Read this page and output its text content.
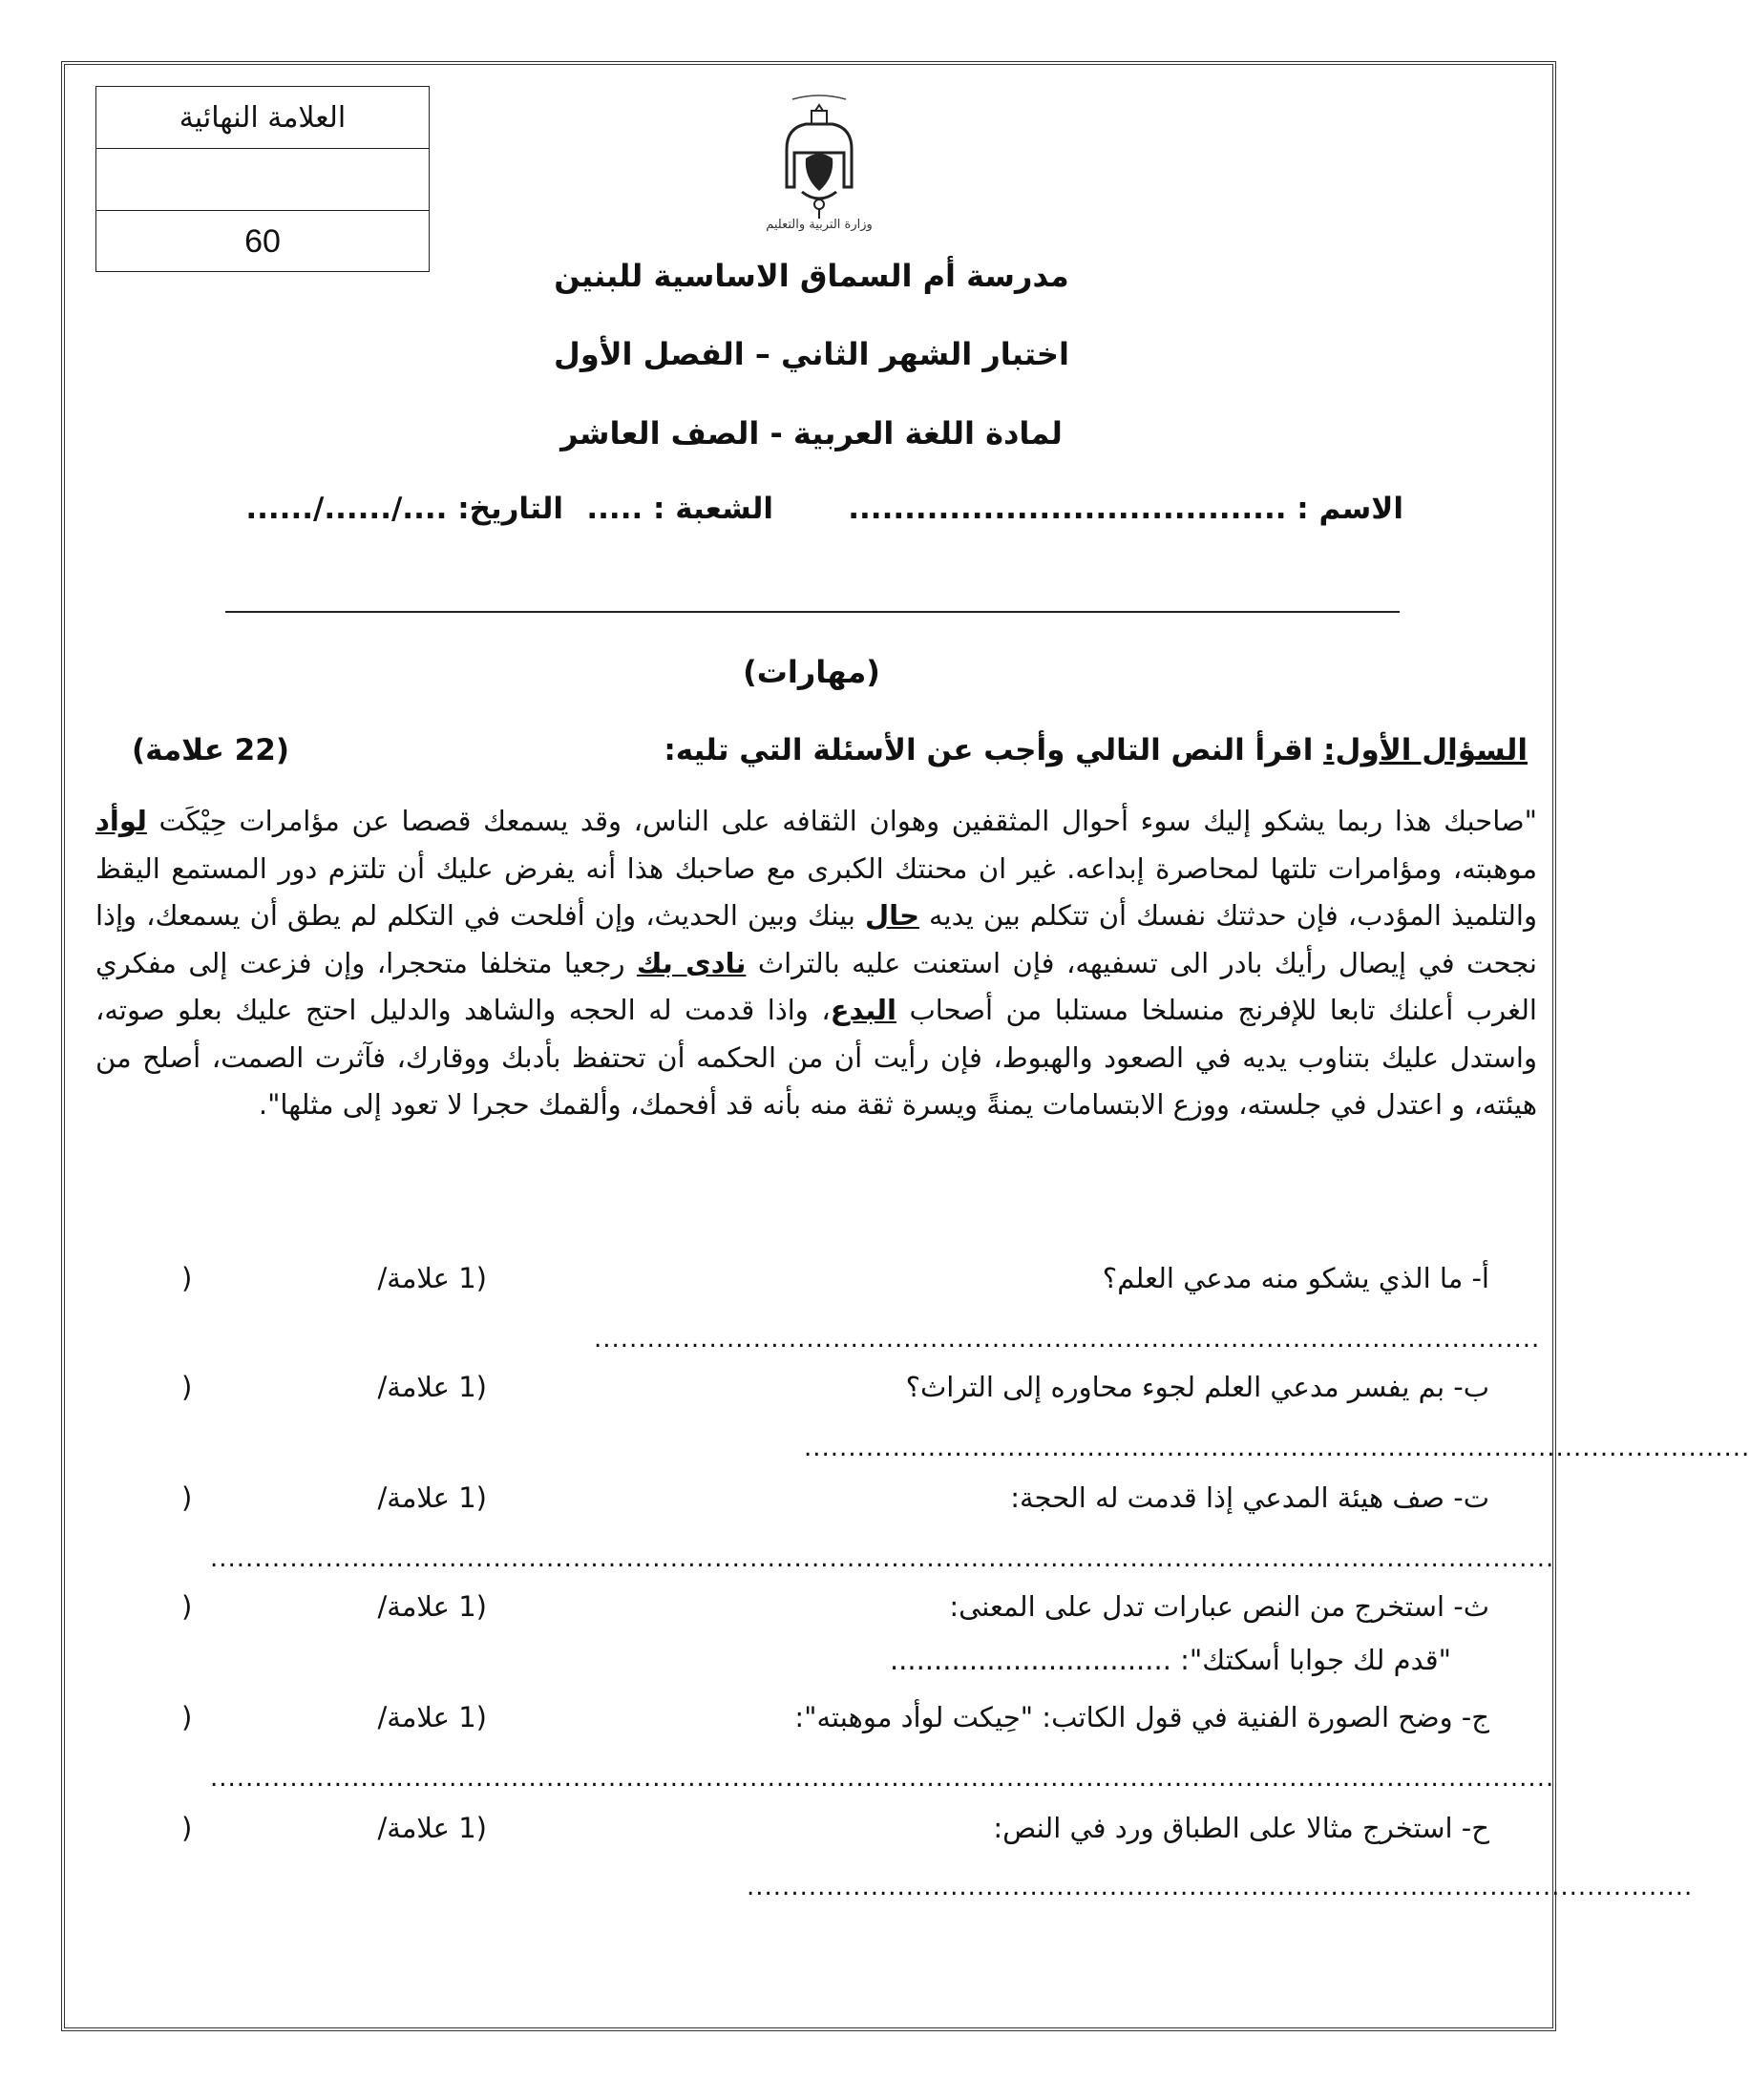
العلامة النهائية
60	وزارة التربية والتعليم
مدرسة أم السماق الاساسية للبنين
اختبار الشهر الثاني – الفصل الأول
لمادة اللغة العربية - الصف العاشر
الاسم : .......................................
الشعبة : .....
التاريخ: ..../....../......
(مهارات)
السؤال الأول: اقرأ النص التالي وأجب عن الأسئلة التي تليه:
(22 علامة)
"صاحبك هذا ربما يشكو إليك سوء أحوال المثقفين وهوان الثقافه على الناس، وقد يسمعك قصصا عن مؤامرات حِيْكَت لوأد موهبته، ومؤامرات تلتها لمحاصرة إبداعه. غير ان محنتك الكبرى مع صاحبك هذا أنه يفرض عليك أن تلتزم دور المستمع اليقظ والتلميذ المؤدب، فإن حدثتك نفسك أن تتكلم بين يديه حال بينك وبين الحديث، وإن أفلحت في التكلم لم يطق أن يسمعك، وإذا نجحت في إيصال رأيك بادر الى تسفيهه، فإن استعنت عليه بالتراث نادى بك رجعيا متخلفا متحجرا، وإن فزعت إلى مفكري الغرب أعلنك تابعا للإفرنج منسلخا مستلبا من أصحاب البدع، واذا قدمت له الحجه والشاهد والدليل احتج عليك بعلو صوته، واستدل عليك بتناوب يديه في الصعود والهبوط، فإن رأيت أن من الحكمه أن تحتفظ بأدبك ووقارك، فآثرت الصمت، أصلح من هيئته، و اعتدل في جلسته، ووزع الابتسامات يمنةً ويسرة ثقة منه بأنه قد أفحمك، وألقمك حجرا لا تعود إلى مثلها".
أ- ما الذي يشكو منه مدعي العلم؟
(1 علامة/
)
...........................................................................................................
ب- بم يفسر مدعي العلم لجوء محاوره إلى التراث؟
(1 علامة/
)
...........................................................................................................
ت- صف هيئة المدعي إذا قدمت له الحجة:
(1 علامة/
)
........................................................................................................................................................
ث- استخرج من النص عبارات تدل على المعنى:
(1 علامة/
)
"قدم لك جوابا أسكتك": ................................
ج- وضح الصورة الفنية في قول الكاتب: "حِيكت لوأد موهبته":
(1 علامة/
)
........................................................................................................................................................
ح- استخرج مثالا على الطباق ورد في النص:
(1 علامة/
)
...........................................................................................................
